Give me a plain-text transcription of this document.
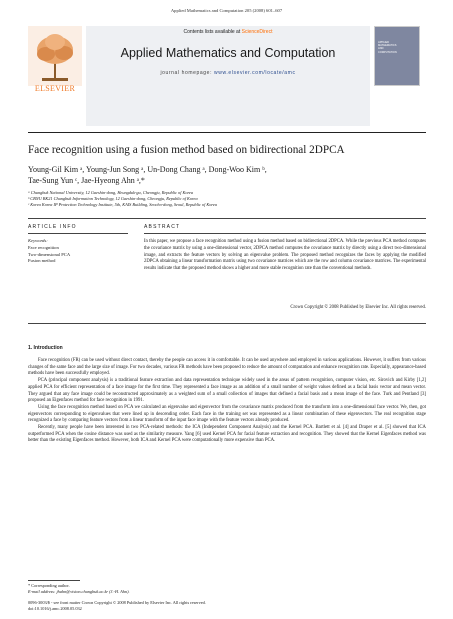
Applied Mathematics and Computation 205 (2008) 601–607
ELSEVIER
Contents lists available at ScienceDirect
Applied Mathematics and Computation
journal homepage: www.elsevier.com/locate/amc
APPLIED
MATHEMATICS
AND
COMPUTATION
Face recognition using a fusion method based on bidirectional 2DPCA
Young-Gil Kim ᵃ, Young-Jun Song ᵃ, Un-Dong Chang ᵃ, Dong-Woo Kim ᵇ,
Tae-Sung Yun ᶜ, Jae-Hyeong Ahn ᵃ,*
ᵃ Chungbuk National University, 12 Gaeshin-dong, Heungduk-gu, Cheongju, Republic of Korea
ᵇ CBNU BK21 Chungbuk Information Technology, 12 Gaeshin-dong, Cheongju, Republic of Korea
ᶜ Korea Korea IP Protection Technology Institute, 5th, KAIS Building, Seocho-dong, Seoul, Republic of Korea
ARTICLE INFO	ABSTRACT
Keywords:
Face recognition
Two-dimensional PCA
Fusion method
In this paper, we propose a face recognition method using a fusion method based on bidirectional 2DPCA. While the previous PCA method computes the covariance matrix by using a one-dimensional vector, 2DPCA method computes the covariance matrix by directly using a direct two-dimensional image, and extracts the feature vectors by solving an eigenvalue problem. The proposed method recognizes the faces by applying the modified 2DPCA obtaining a linear transformation matrix using two covariance matrices which are the row and column covariance matrices. The experimental results indicate that the proposed method shows a higher and more stable recognition rate than the conventional methods.
Crown Copyright © 2008 Published by Elsevier Inc. All rights reserved.
1. Introduction

Face recognition (FR) can be used without direct contact, thereby the people can access it in comfortable. It can be used anywhere and employed in various applications. However, it suffers from various changes of the same face and the large size of image. For two decades, various FR methods have been proposed to reduce the amount of computation and enhance recognition rate. Especially, appearance-based methods have been successfully employed.

PCA (principal component analysis) is a traditional feature extraction and data representation technique widely used in the areas of pattern recognition, computer vision, etc. Sirovich and Kirby [1,2] applied PCA for efficient representation of a face image for the first time. They represented a face image as an addition of a small number of weight values defined as a facial basis vector and mean vector. They argued that any face image could be reconstructed approximately as a weighted sum of a small collection of images that defined a facial basis and a mean image of the face. Turk and Pentland [3] proposed an Eigenfaces method for face recognition in 1991.

Using the face recognition method based on PCA we calculated an eigenvalue and eigenvector from the covariance matrix produced from the transform into a one-dimensional face vector. We, then, got eigenvectors corresponding to eigenvalues that were lined up in descending order. Each face in the training set was represented as a linear combination of these eigenvectors. The real recognition stage recognized a face by comparing feature vectors from a linear transform of the input face image with the feature vectors already produced.

Recently, many people have been interested in two PCA-related methods: the ICA (Independent Component Analysis) and the Kernel PCA. Bartlett et al. [4] and Draper et al. [5] showed that ICA outperformed PCA when the cosine distance was used as the similarity measure. Yang [6] used Kernel PCA for facial feature extraction and recognition. They showed that the Kernel Eigenfaces method was better than the existing Eigenfaces method. However, both ICA and Kernel PCA were computationally more expensive than PCA.

* Corresponding author.
E-mail address: jhahn@vision.chungbuk.ac.kr (J.-H. Ahn).
0096-3003/$ - see front matter Crown Copyright © 2008 Published by Elsevier Inc. All rights reserved.
doi:10.1016/j.amc.2008.05.032
